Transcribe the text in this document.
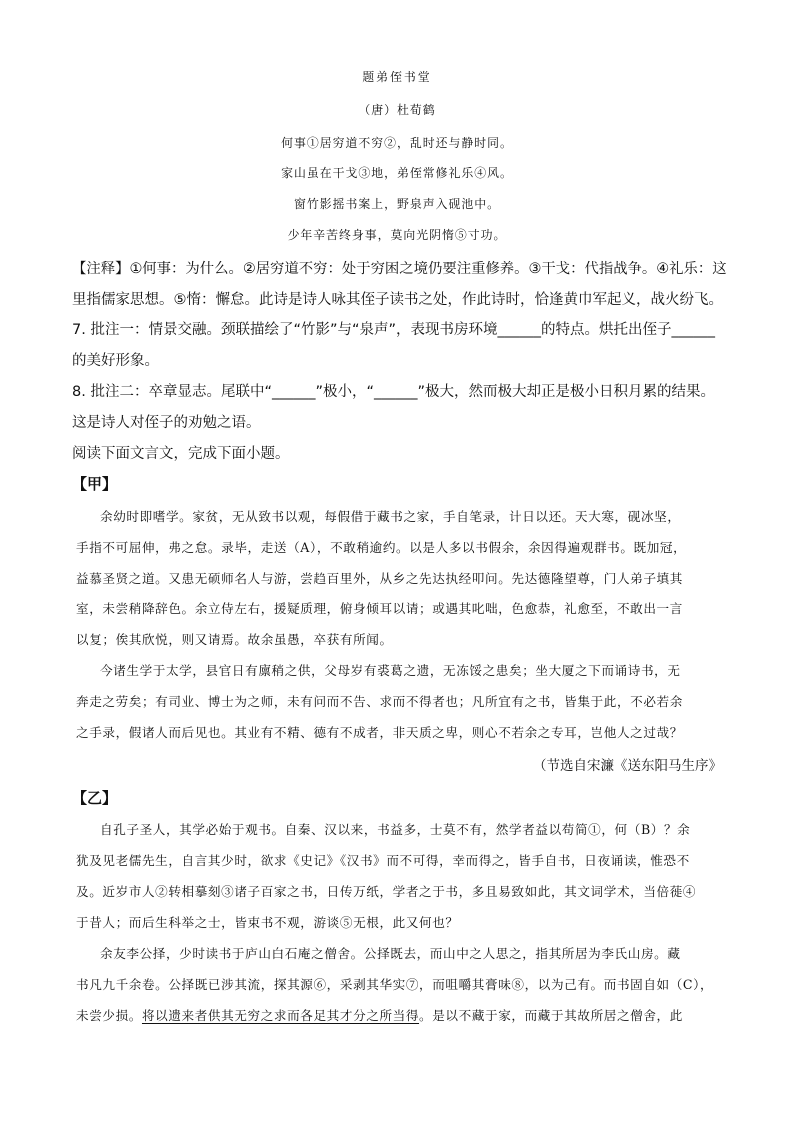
题弟侄书堂
（唐）杜荀鹤
何事①居穷道不穷②，乱时还与静时同。
家山虽在干戈③地，弟侄常修礼乐④风。
窗竹影摇书案上，野泉声入砚池中。
少年辛苦终身事，莫向光阴惰⑤寸功。
【注释】①何事：为什么。②居穷道不穷：处于穷困之境仍要注重修养。③干戈：代指战争。④礼乐：这
里指儒家思想。⑤惰：懈怠。此诗是诗人咏其侄子读书之处，作此诗时，恰逢黄巾军起义，战火纷飞。
7. 批注一：情景交融。颈联描绘了“竹影”与“泉声”，表现书房环境______的特点。烘托出侄子______
的美好形象。
8. 批注二：卒章显志。尾联中“______”极小，“______”极大，然而极大却正是极小日积月累的结果。
这是诗人对侄子的劝勉之语。
阅读下面文言文，完成下面小题。
【甲】
余幼时即嗜学。家贫，无从致书以观，每假借于藏书之家，手自笔录，计日以还。天大寒，砚冰坚，
手指不可屈伸，弗之怠。录毕，走送（A），不敢稍逾约。以是人多以书假余，余因得遍观群书。既加冠，
益慕圣贤之道。又患无硕师名人与游，尝趋百里外，从乡之先达执经叩问。先达德隆望尊，门人弟子填其
室，未尝稍降辞色。余立侍左右，援疑质理，俯身倾耳以请；或遇其叱咄，色愈恭，礼愈至，不敢出一言
以复；俟其欣悦，则又请焉。故余虽愚，卒获有所闻。
今诸生学于太学，县官日有廪稍之供，父母岁有裘葛之遗，无冻馁之患矣；坐大厦之下而诵诗书，无
奔走之劳矣；有司业、博士为之师，未有问而不告、求而不得者也；凡所宜有之书，皆集于此，不必若余
之手录，假诸人而后见也。其业有不精、德有不成者，非天质之卑，则心不若余之专耳，岂他人之过哉？
（节选自宋濂《送东阳马生序》
【乙】
自孔子圣人，其学必始于观书。自秦、汉以来，书益多，士莫不有，然学者益以苟简①，何（B）？余
犹及见老儒先生，自言其少时，欲求《史记》《汉书》而不可得，幸而得之，皆手自书，日夜诵读，惟恐不
及。近岁市人②转相摹刻③诸子百家之书，日传万纸，学者之于书，多且易致如此，其文词学术，当倍蓰④
于昔人；而后生科举之士，皆束书不观，游谈⑤无根，此又何也？
余友李公择，少时读书于庐山白石庵之僧舍。公择既去，而山中之人思之，指其所居为李氏山房。藏
书凡九千余卷。公择既已涉其流，探其源⑥，采剥其华实⑦，而咀嚼其膏味⑧，以为己有。而书固自如（C），
未尝少损。将以遗来者供其无穷之求而各足其才分之所当得。是以不藏于家，而藏于其故所居之僧舍，此
